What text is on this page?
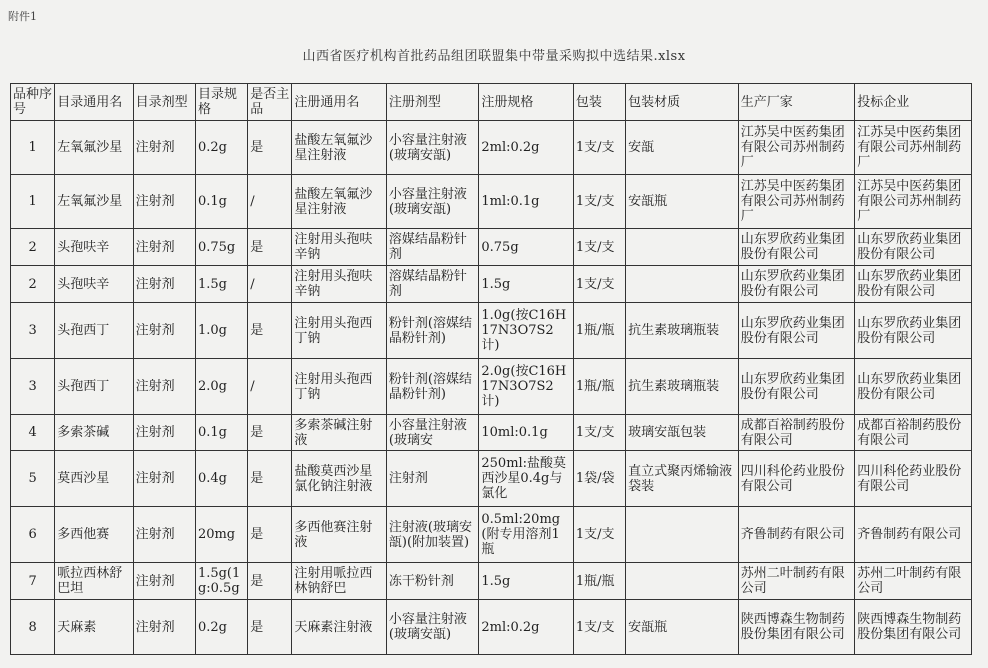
附件1
山西省医疗机构首批药品组团联盟集中带量采购拟中选结果.xlsx
品种序号	目录通用名	目录剂型	目录规格	是否主品	注册通用名	注册剂型	注册规格	包装	包装材质	生产厂家	投标企业

1	左氧氟沙星	注射剂	0.2g	是	盐酸左氧氟沙星注射液	小容量注射液(玻璃安瓿)	2ml:0.2g	1支/支	安瓿	江苏吴中医药集团有限公司苏州制药厂	江苏吴中医药集团有限公司苏州制药厂

1	左氧氟沙星	注射剂	0.1g	/	盐酸左氧氟沙星注射液	小容量注射液(玻璃安瓿)	1ml:0.1g	1支/支	安瓿瓶	江苏吴中医药集团有限公司苏州制药厂	江苏吴中医药集团有限公司苏州制药厂

2	头孢呋辛	注射剂	0.75g	是	注射用头孢呋辛钠	溶媒结晶粉针剂	0.75g	1支/支		山东罗欣药业集团股份有限公司	山东罗欣药业集团股份有限公司

2	头孢呋辛	注射剂	1.5g	/	注射用头孢呋辛钠	溶媒结晶粉针剂	1.5g	1支/支		山东罗欣药业集团股份有限公司	山东罗欣药业集团股份有限公司

3	头孢西丁	注射剂	1.0g	是	注射用头孢西丁钠	粉针剂(溶媒结晶粉针剂)	1.0g(按C16H17N3O7S2计)	1瓶/瓶	抗生素玻璃瓶装	山东罗欣药业集团股份有限公司	山东罗欣药业集团股份有限公司

3	头孢西丁	注射剂	2.0g	/	注射用头孢西丁钠	粉针剂(溶媒结晶粉针剂)	2.0g(按C16H17N3O7S2计)	1瓶/瓶	抗生素玻璃瓶装	山东罗欣药业集团股份有限公司	山东罗欣药业集团股份有限公司

4	多索茶碱	注射剂	0.1g	是	多索茶碱注射液	小容量注射液(玻璃安	10ml:0.1g	1支/支	玻璃安瓿包装	成都百裕制药股份有限公司	成都百裕制药股份有限公司

5	莫西沙星	注射剂	0.4g	是	盐酸莫西沙星氯化钠注射液	注射剂	250ml:盐酸莫西沙星0.4g与氯化	1袋/袋	直立式聚丙烯输液袋装	四川科伦药业股份有限公司	四川科伦药业股份有限公司

6	多西他赛	注射剂	20mg	是	多西他赛注射液	注射液(玻璃安瓿)(附加装置)	0.5ml:20mg(附专用溶剂1瓶	1支/支		齐鲁制药有限公司	齐鲁制药有限公司

7	哌拉西林舒巴坦	注射剂	1.5g(1g:0.5g	是	注射用哌拉西林钠舒巴	冻干粉针剂	1.5g	1瓶/瓶		苏州二叶制药有限公司	苏州二叶制药有限公司

8	天麻素	注射剂	0.2g	是	天麻素注射液	小容量注射液(玻璃安瓿)	2ml:0.2g	1支/支	安瓿瓶	陕西博森生物制药股份集团有限公司	陕西博森生物制药股份集团有限公司
